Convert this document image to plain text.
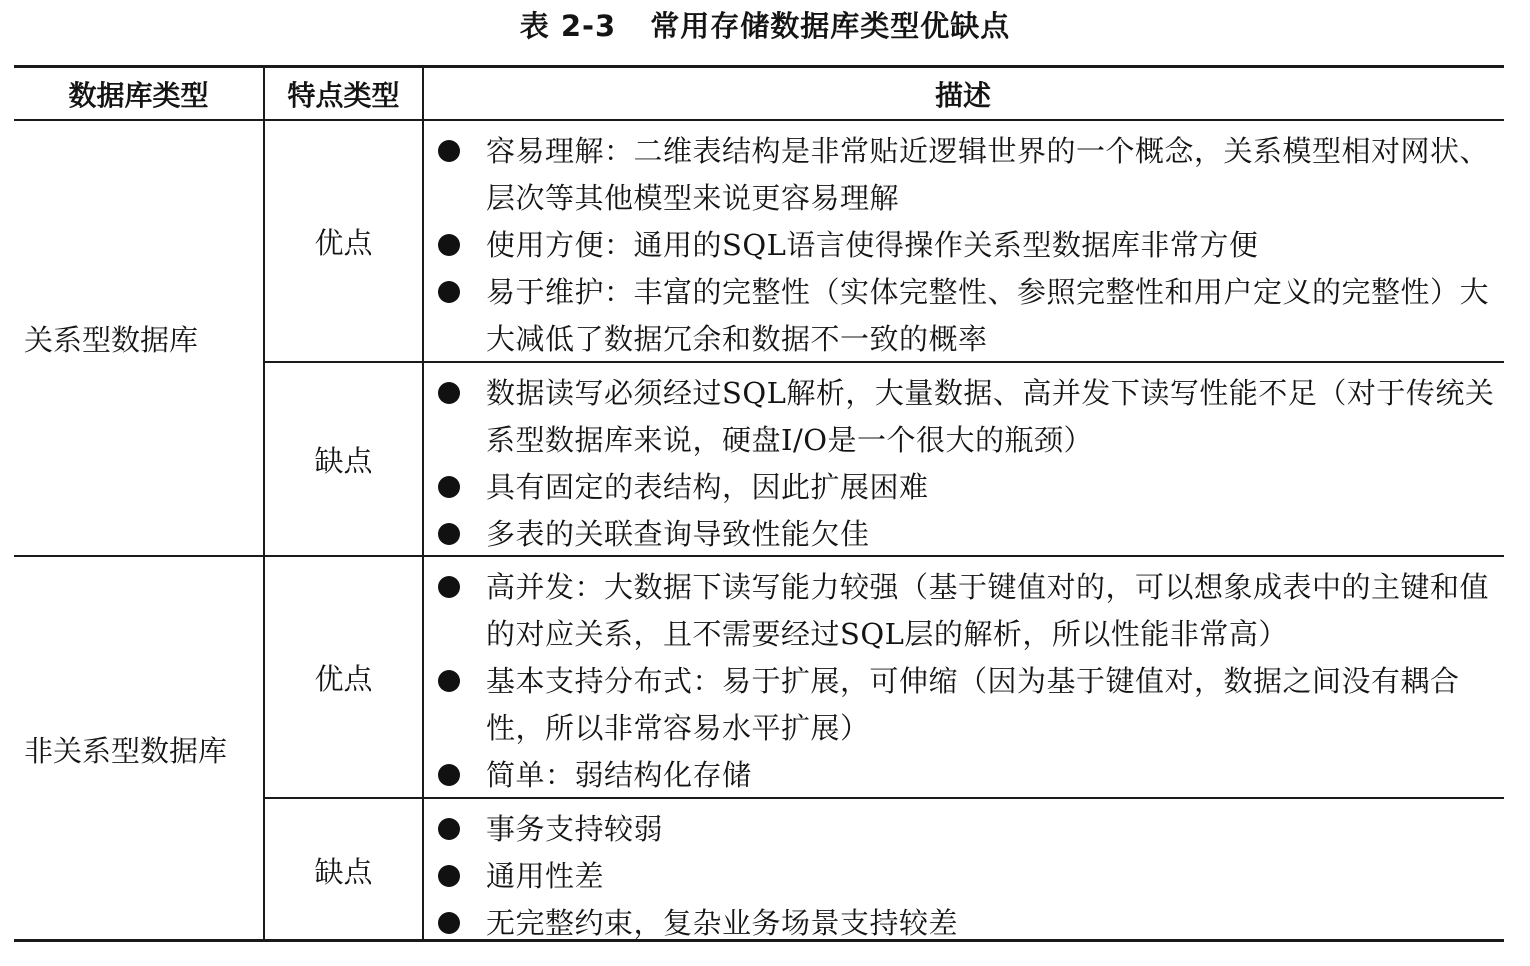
表 2-3 常用存储数据库类型优缺点
数据库类型	特点类型	描述
关系型数据库
非关系型数据库
优点
缺点
优点
缺点
容易理解：二维表结构是非常贴近逻辑世界的一个概念，关系模型相对网状、层次等其他模型来说更容易理解
使用方便：通用的SQL语言使得操作关系型数据库非常方便
易于维护：丰富的完整性（实体完整性、参照完整性和用户定义的完整性）大大减低了数据冗余和数据不一致的概率
数据读写必须经过SQL解析，大量数据、高并发下读写性能不足（对于传统关系型数据库来说，硬盘I/O是一个很大的瓶颈）
具有固定的表结构，因此扩展困难
多表的关联查询导致性能欠佳
高并发：大数据下读写能力较强（基于键值对的，可以想象成表中的主键和值的对应关系，且不需要经过SQL层的解析，所以性能非常高）
基本支持分布式：易于扩展，可伸缩（因为基于键值对，数据之间没有耦合性，所以非常容易水平扩展）
简单：弱结构化存储
事务支持较弱
通用性差
无完整约束，复杂业务场景支持较差
